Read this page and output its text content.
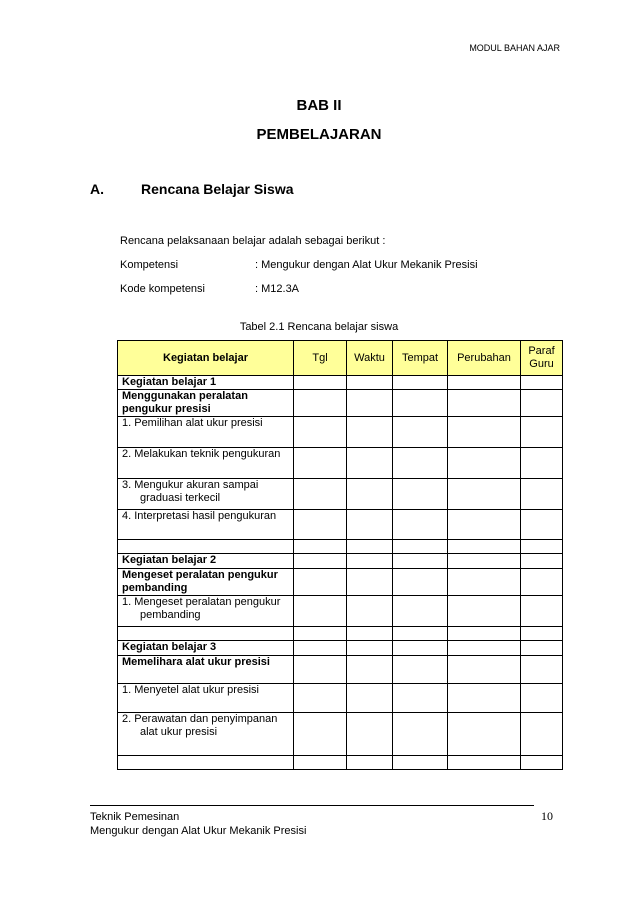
MODUL BAHAN AJAR
BAB II
PEMBELAJARAN
A.	Rencana Belajar Siswa
Rencana pelaksanaan belajar adalah sebagai berikut :
Kompetensi	: Mengukur dengan Alat Ukur Mekanik Presisi
Kode kompetensi	: M12.3A
Tabel 2.1 Rencana belajar siswa
Kegiatan belajar	Tgl	Waktu	Tempat	Perubahan	Paraf Guru
Kegiatan belajar 1					
Menggunakan peralatan pengukur presisi					
1. Pemilihan alat ukur presisi					
2. Melakukan teknik pengukuran					
3. Mengukur akuran sampai graduasi terkecil					
4. Interpretasi hasil pengukuran					

Kegiatan belajar 2					
Mengeset peralatan pengukur pembanding					
1. Mengeset peralatan pengukur pembanding					

Kegiatan belajar 3					
Memelihara alat ukur presisi					
1. Menyetel alat ukur presisi					
2. Perawatan dan penyimpanan alat ukur presisi					

Teknik Pemesinan
Mengukur dengan Alat Ukur Mekanik Presisi
10
